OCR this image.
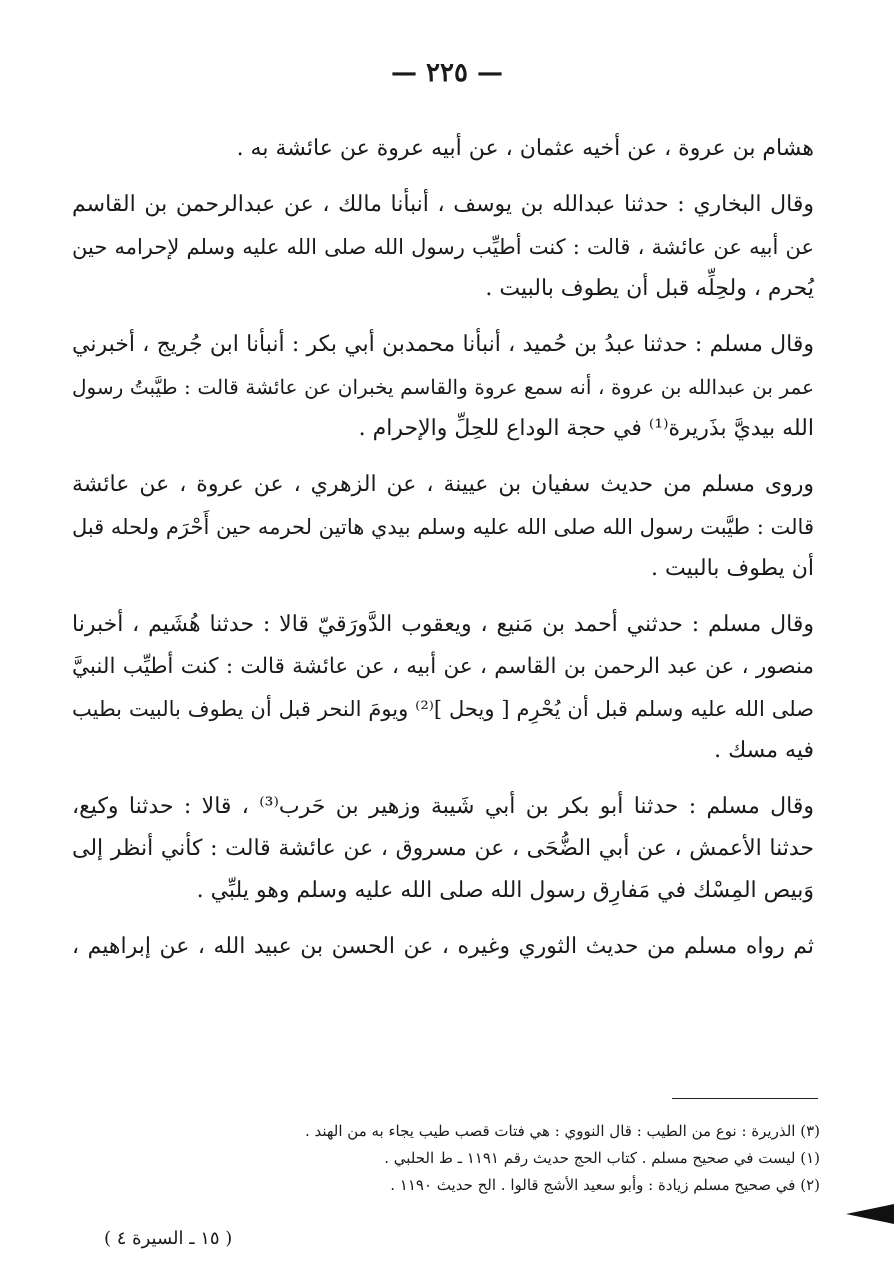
— ٢٢٥ —

هشام بن عروة ، عن أخيه عثمان ، عن أبيه عروة عن عائشة به .

وقال البخاري : حدثنا عبدالله بن يوسف ، أنبأنا مالك ، عن عبدالرحمن بن القاسم
عن أبيه عن عائشة ، قالت : كنت أطيِّب رسول الله صلى الله عليه وسلم لإحرامه حين
يُحرم ، ولحِلِّه قبل أن يطوف بالبيت .

وقال مسلم : حدثنا عبدُ بن حُميد ، أنبأنا محمدبن أبي بكر : أنبأنا ابن جُريج ، أخبرني
عمر بن عبدالله بن عروة ، أنه سمع عروة والقاسم يخبران عن عائشة قالت : طيَّبتُ رسول
الله بيديَّ بذَريرة⁽¹⁾ في حجة الوداع للحِلِّ والإحرام .

وروى مسلم من حديث سفيان بن عيينة ، عن الزهري ، عن عروة ، عن عائشة
قالت : طيَّبت رسول الله صلى الله عليه وسلم بيدي هاتين لحرمه حين أَحْرَم ولحله قبل
أن يطوف بالبيت .

وقال مسلم : حدثني أحمد بن مَنيع ، ويعقوب الدَّورَقيّ قالا : حدثنا هُشَيم ، أخبرنا
منصور ، عن عبد الرحمن بن القاسم ، عن أبيه ، عن عائشة قالت : كنت أطيِّب النبيَّ
صلى الله عليه وسلم قبل أن يُحْرِم [ ويحل ]⁽²⁾ ويومَ النحر قبل أن يطوف بالبيت بطيب
فيه مسك .

وقال مسلم : حدثنا أبو بكر بن أبي شَيبة وزهير بن حَرب⁽³⁾ ، قالا : حدثنا وكيع،
حدثنا الأعمش ، عن أبي الضُّحَى ، عن مسروق ، عن عائشة قالت : كأني أنظر إلى
وَبيص المِسْك في مَفارِق رسول الله صلى الله عليه وسلم وهو يلبِّي .

ثم رواه مسلم من حديث الثوري وغيره ، عن الحسن بن عبيد الله ، عن إبراهيم ،

(٣) الذريرة : نوع من الطيب : قال النووي : هي فتات قصب طيب يجاء به من الهند .
(١) ليست في صحيح مسلم . كتاب الحج حديث رقم ١١٩١ ـ ط الحلبي .
(٢) في صحيح مسلم زيادة : وأبو سعيد الأشج قالوا . الح حديث ١١٩٠ .
( ١٥ ـ السيرة ٤ )
